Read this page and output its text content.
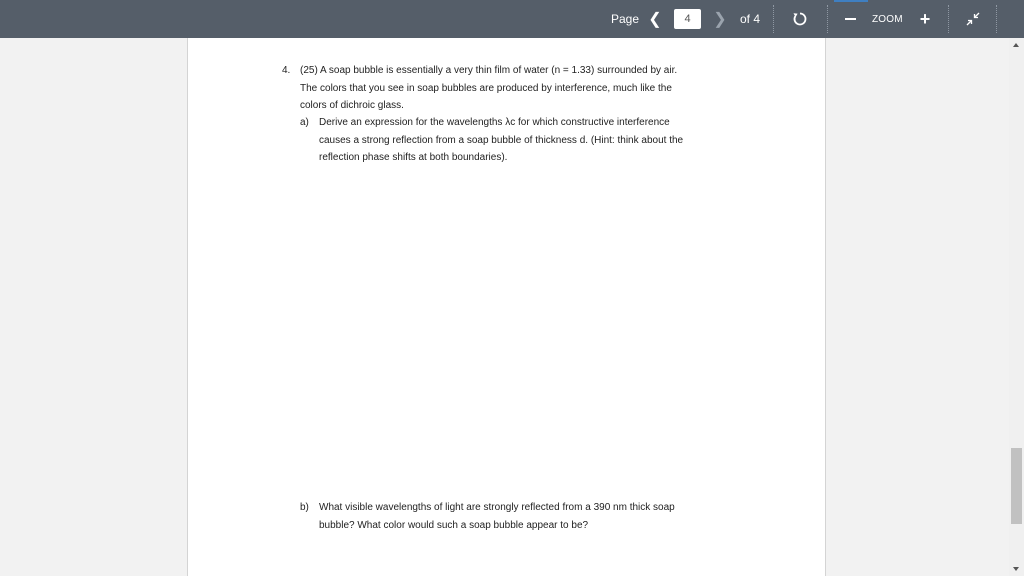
Page ❮
4	❯ of 4	ZOOM +
4. (25) A soap bubble is essentially a very thin film of water (n = 1.33) surrounded by air.
The colors that you see in soap bubbles are produced by interference, much like the
colors of dichroic glass.
a) Derive an expression for the wavelengths λc for which constructive interference
causes a strong reflection from a soap bubble of thickness d. (Hint: think about the
reflection phase shifts at both boundaries).
b) What visible wavelengths of light are strongly reflected from a 390 nm thick soap
bubble? What color would such a soap bubble appear to be?
